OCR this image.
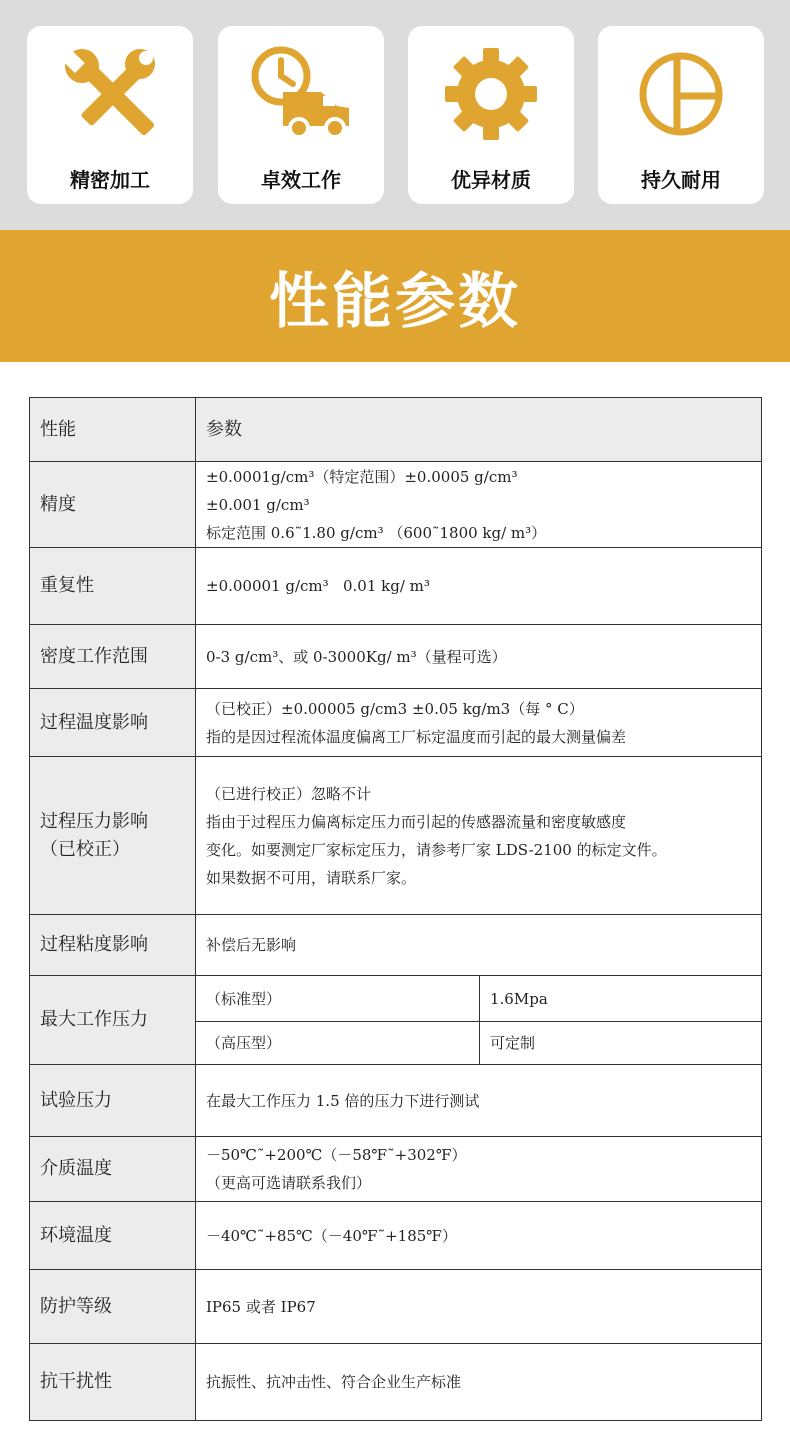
精密加工	卓效工作	优异材质	持久耐用
性能参数
性能	参数	
精度	±0.0001g/cm³（特定范围）±0.0005 g/cm³
±0.001 g/cm³
标定范围 0.6˜1.80 g/cm³ （600˜1800 kg/ m³）	

重复性	±0.00001 g/cm³   0.01 kg/ m³	
密度工作范围	0-3 g/cm³、或 0-3000Kg/ m³（量程可选）	
过程温度影响	（已校正）±0.00005 g/cm3 ±0.05 kg/m3（每 ° C）
指的是因过程流体温度偏离工厂标定温度而引起的最大测量偏差	

过程压力影响
（已校正）	（已进行校正）忽略不计
指由于过程压力偏离标定压力而引起的传感器流量和密度敏感度
变化。如要测定厂家标定压力，请参考厂家 LDS-2100 的标定文件。
如果数据不可用，请联系厂家。	

过程粘度影响	补偿后无影响	
最大工作压力	（标准型）	1.6Mpa
	（高压型）	可定制
试验压力	在最大工作压力 1.5 倍的压力下进行测试	
介质温度	－50℃˜+200℃（－58℉˜+302℉）
（更高可选请联系我们）	

环境温度	－40℃˜+85℃（－40℉˜+185℉）	
防护等级	IP65 或者 IP67	
抗干扰性	抗振性、抗冲击性、符合企业生产标准	
